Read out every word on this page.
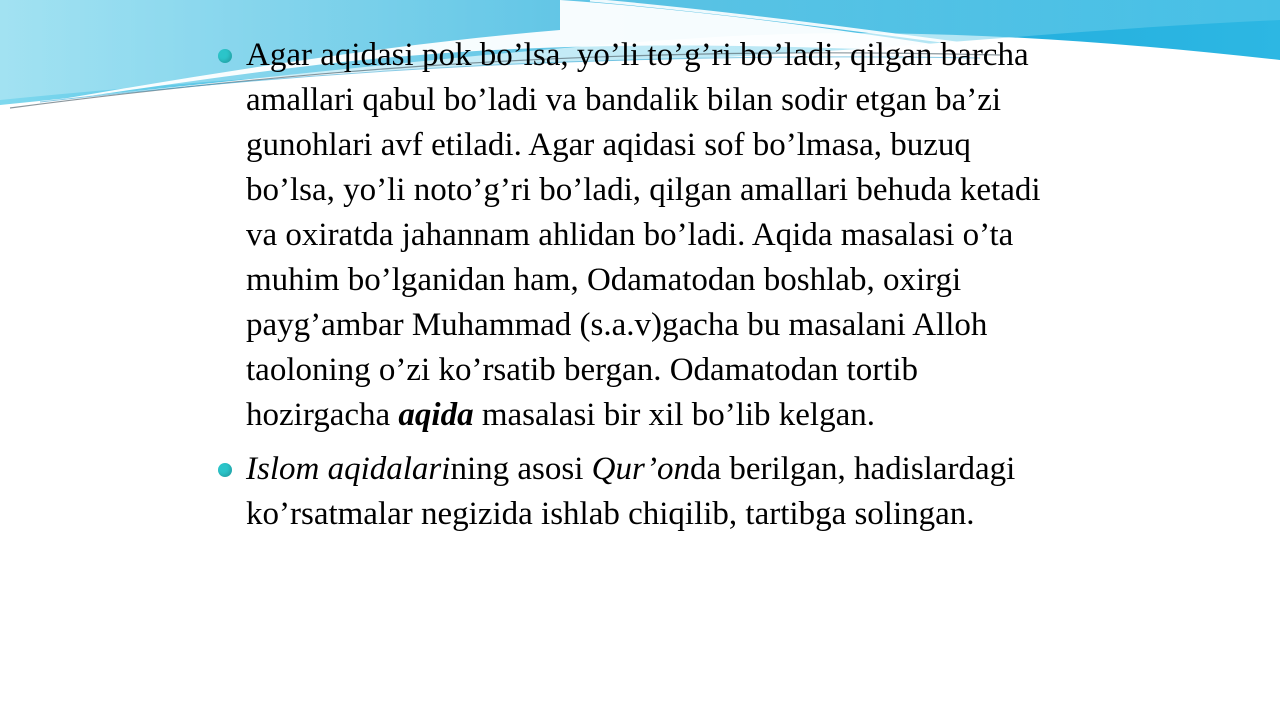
Agar aqidasi pok bo’lsa, yo’li to’g’ri bo’ladi, qilgan barcha amallari qabul bo’ladi va bandalik bilan sodir etgan ba’zi gunohlari avf etiladi. Agar aqidasi sof bo’lmasa, buzuq bo’lsa, yo’li noto’g’ri bo’ladi, qilgan amallari behuda ketadi va oxiratda jahannam ahlidan bo’ladi. Aqida masalasi o’ta muhim bo’lganidan ham, Odamatodan boshlab, oxirgi payg’ambar Muhammad (s.a.v)gacha bu masalani Alloh taoloning o’zi ko’rsatib bergan. Odamatodan tortib hozirgacha aqida masalasi bir xil bo’lib kelgan.

Islom aqidalarining asosi Qur’onda berilgan, hadislardagi ko’rsatmalar negizida ishlab chiqilib, tartibga solingan.
